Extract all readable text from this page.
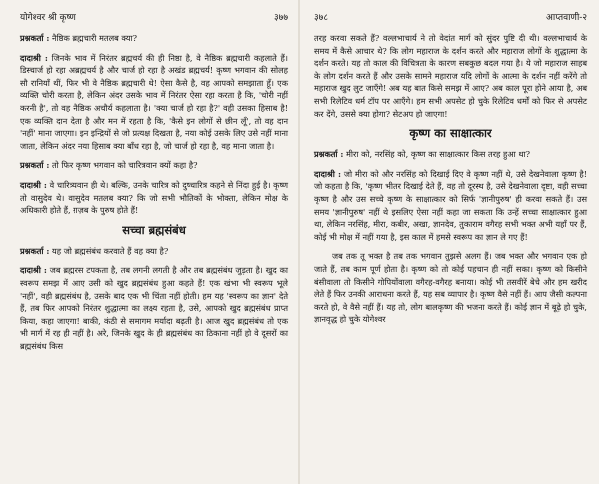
योगेश्वर श्री कृष्ण	३७७

प्रश्नकर्ता : नैष्ठिक ब्रह्मचारी मतलब क्या?

दादाश्री : जिनके भाव में निरंतर ब्रह्मचर्य की ही निष्ठा है, वे नैष्ठिक ब्रह्मचारी कहलाते हैं। डिस्चार्ज हो रहा अब्रह्मचर्य है और चार्ज हो रहा है अखंड ब्रह्मचर्य! कृष्ण भगवान की सोलह सौ रानियाँ थीं, फिर भी वे नैष्ठिक ब्रह्मचारी थे! ऐसा कैसे है, वह आपको समझाता हूँ। एक व्यक्ति चोरी करता है, लेकिन अंदर उसके भाव में निरंतर ऐसा रहा करता है कि, 'चोरी नहीं करनी है', तो वह नैष्ठिक अचौर्य कहलाता है। 'क्या चार्ज हो रहा है?' वही उसका हिसाब है! एक व्यक्ति दान देता है और मन में रहता है कि, 'कैसे इन लोगों से छीन लूँ', तो वह दान 'नहीं' माना जाएगा। इन इन्द्रियों से जो प्रत्यक्ष दिखता है, नया कोई उसके लिए उसे नहीं माना जाता, लेकिन अंदर नया हिसाब क्या बाँध रहा है, जो चार्ज हो रहा है, वह माना जाता है।

प्रश्नकर्ता : तो फिर कृष्ण भगवान को चारित्रवान क्यों कहा है?

दादाश्री : वे चारित्र्यवान ही थे। बल्कि, उनके चारित्र को दुष्चारित्र कहने से निंदा हुई है। कृष्ण तो वासुदेव थे। वासुदेव मतलब क्या? कि जो सभी भौतिकों के भोक्ता, लेकिन मोक्ष के अधिकारी होते हैं, ग़ज़ब के पुरुष होते हैं!

सच्चा ब्रह्मसंबंध

प्रश्नकर्ता : यह जो ब्रह्मसंबंध करवाते हैं वह क्या है?

दादाश्री : जब ब्रह्मरस टपकता है, तब लगनी लगती है और तब ब्रह्मसंबंध जुड़ता है। खुद का स्वरूप समझ में आए उसी को खुद ब्रह्मसंबंध हुआ कहते हैं! एक खंभा भी स्वरूप भूले 'नहीं', वही ब्रह्मसंबंध है, उसके बाद एक भी चिंता नहीं होती। हम यह 'स्वरूप का ज्ञान' देते हैं, तब फिर आपको निरंतर शुद्धात्मा का लक्ष्य रहता है, उसे, आपको खुद ब्रह्मसंबंध प्राप्त किया, कहा जाएगा! बाकी, कंठी से समागम मर्यादा बढ़ती है। आज खुद ब्रह्मसंबंध तो एक भी मार्ग में रह ही नहीं है। अरे, जिनके खुद के ही ब्रह्मसंबंध का ठिकाना नहीं हो वे दूसरों का ब्रह्मसंबंध किस

३७८	आप्तवाणी-२

तरह करवा सकते हैं? वल्लभाचार्य ने तो वेदांत मार्ग को सुंदर पुष्टि दी थी। वल्लभाचार्य के समय में कैसे आचार थे? कि लोग महाराज के दर्शन करते और महाराज लोगों के शुद्धात्मा के दर्शन करते। यह तो काल की विचित्रता के कारण सबकुछ बदल गया है। ये जो महाराज साहब के लोग दर्शन करते हैं और उसके सामने महाराज यदि लोगों के आत्मा के दर्शन नहीं करेंगे तो महाराज खुद लुट जाएँगे! अब यह बात किसे समझ में आए? अब काल पूरा होने आया है, अब सभी रिलेटिव धर्म टॉप पर आएँगे। हम सभी अपसेट हो चुके रिलेटिव धर्मों को फिर से अपसेट कर देंगे, उससे क्या होगा? सेटअप हो जाएगा!

कृष्ण का साक्षात्कार

प्रश्नकर्ता : मीरा को, नरसिंह को, कृष्ण का साक्षात्कार किस तरह हुआ था?

दादाश्री : जो मीरा को और नरसिंह को दिखाई दिए वे कृष्ण नहीं थे, उसे देखनेवाला कृष्ण है! जो कहता है कि, 'कृष्ण भीतर दिखाई देते हैं, वह तो दूरस्थ है, उसे देखनेवाला दृष्टा, वही सच्चा कृष्ण है और उस सच्चे कृष्ण के साक्षात्कार को सिर्फ 'ज्ञानीपुरुष' ही करवा सकते हैं। उस समय 'ज्ञानीपुरुष' नहीं थे इसलिए ऐसा नहीं कहा जा सकता कि उन्हें सच्चा साक्षात्कार हुआ था, लेकिन नरसिंह, मीरा, कबीर, अखा, ज्ञानदेव, तुकाराम वगैरह सभी भक्त अभी यहाँ पर हैं, कोई भी मोक्ष में नहीं गया है, इस काल में हमसे स्वरूप का ज्ञान ले गए हैं!

जब तक तू भक्त है तब तक भगवान तुझसे अलग हैं। जब भक्त और भगवान एक हो जाते हैं, तब काम पूर्ण होता है। कृष्ण को तो कोई पहचान ही नहीं सका। कृष्ण को किसीने बंसीवाला तो किसीने गोपियोंवाला वगैरह-वगैरह बनाया। कोई भी तसवीरें बेचे और हम खरीद लेते हैं फिर उनकी आराधना करते हैं, यह सब व्यापार है। कृष्ण वैसे नहीं हैं। आप जैसी कल्पना करते हो, वे वैसे नहीं हैं। यह तो, लोग बालकृष्ण की भजना करते हैं। कोई ज्ञान में बूढ़े हो चुके, ज्ञानवृद्ध हो चुके योगेश्वर
